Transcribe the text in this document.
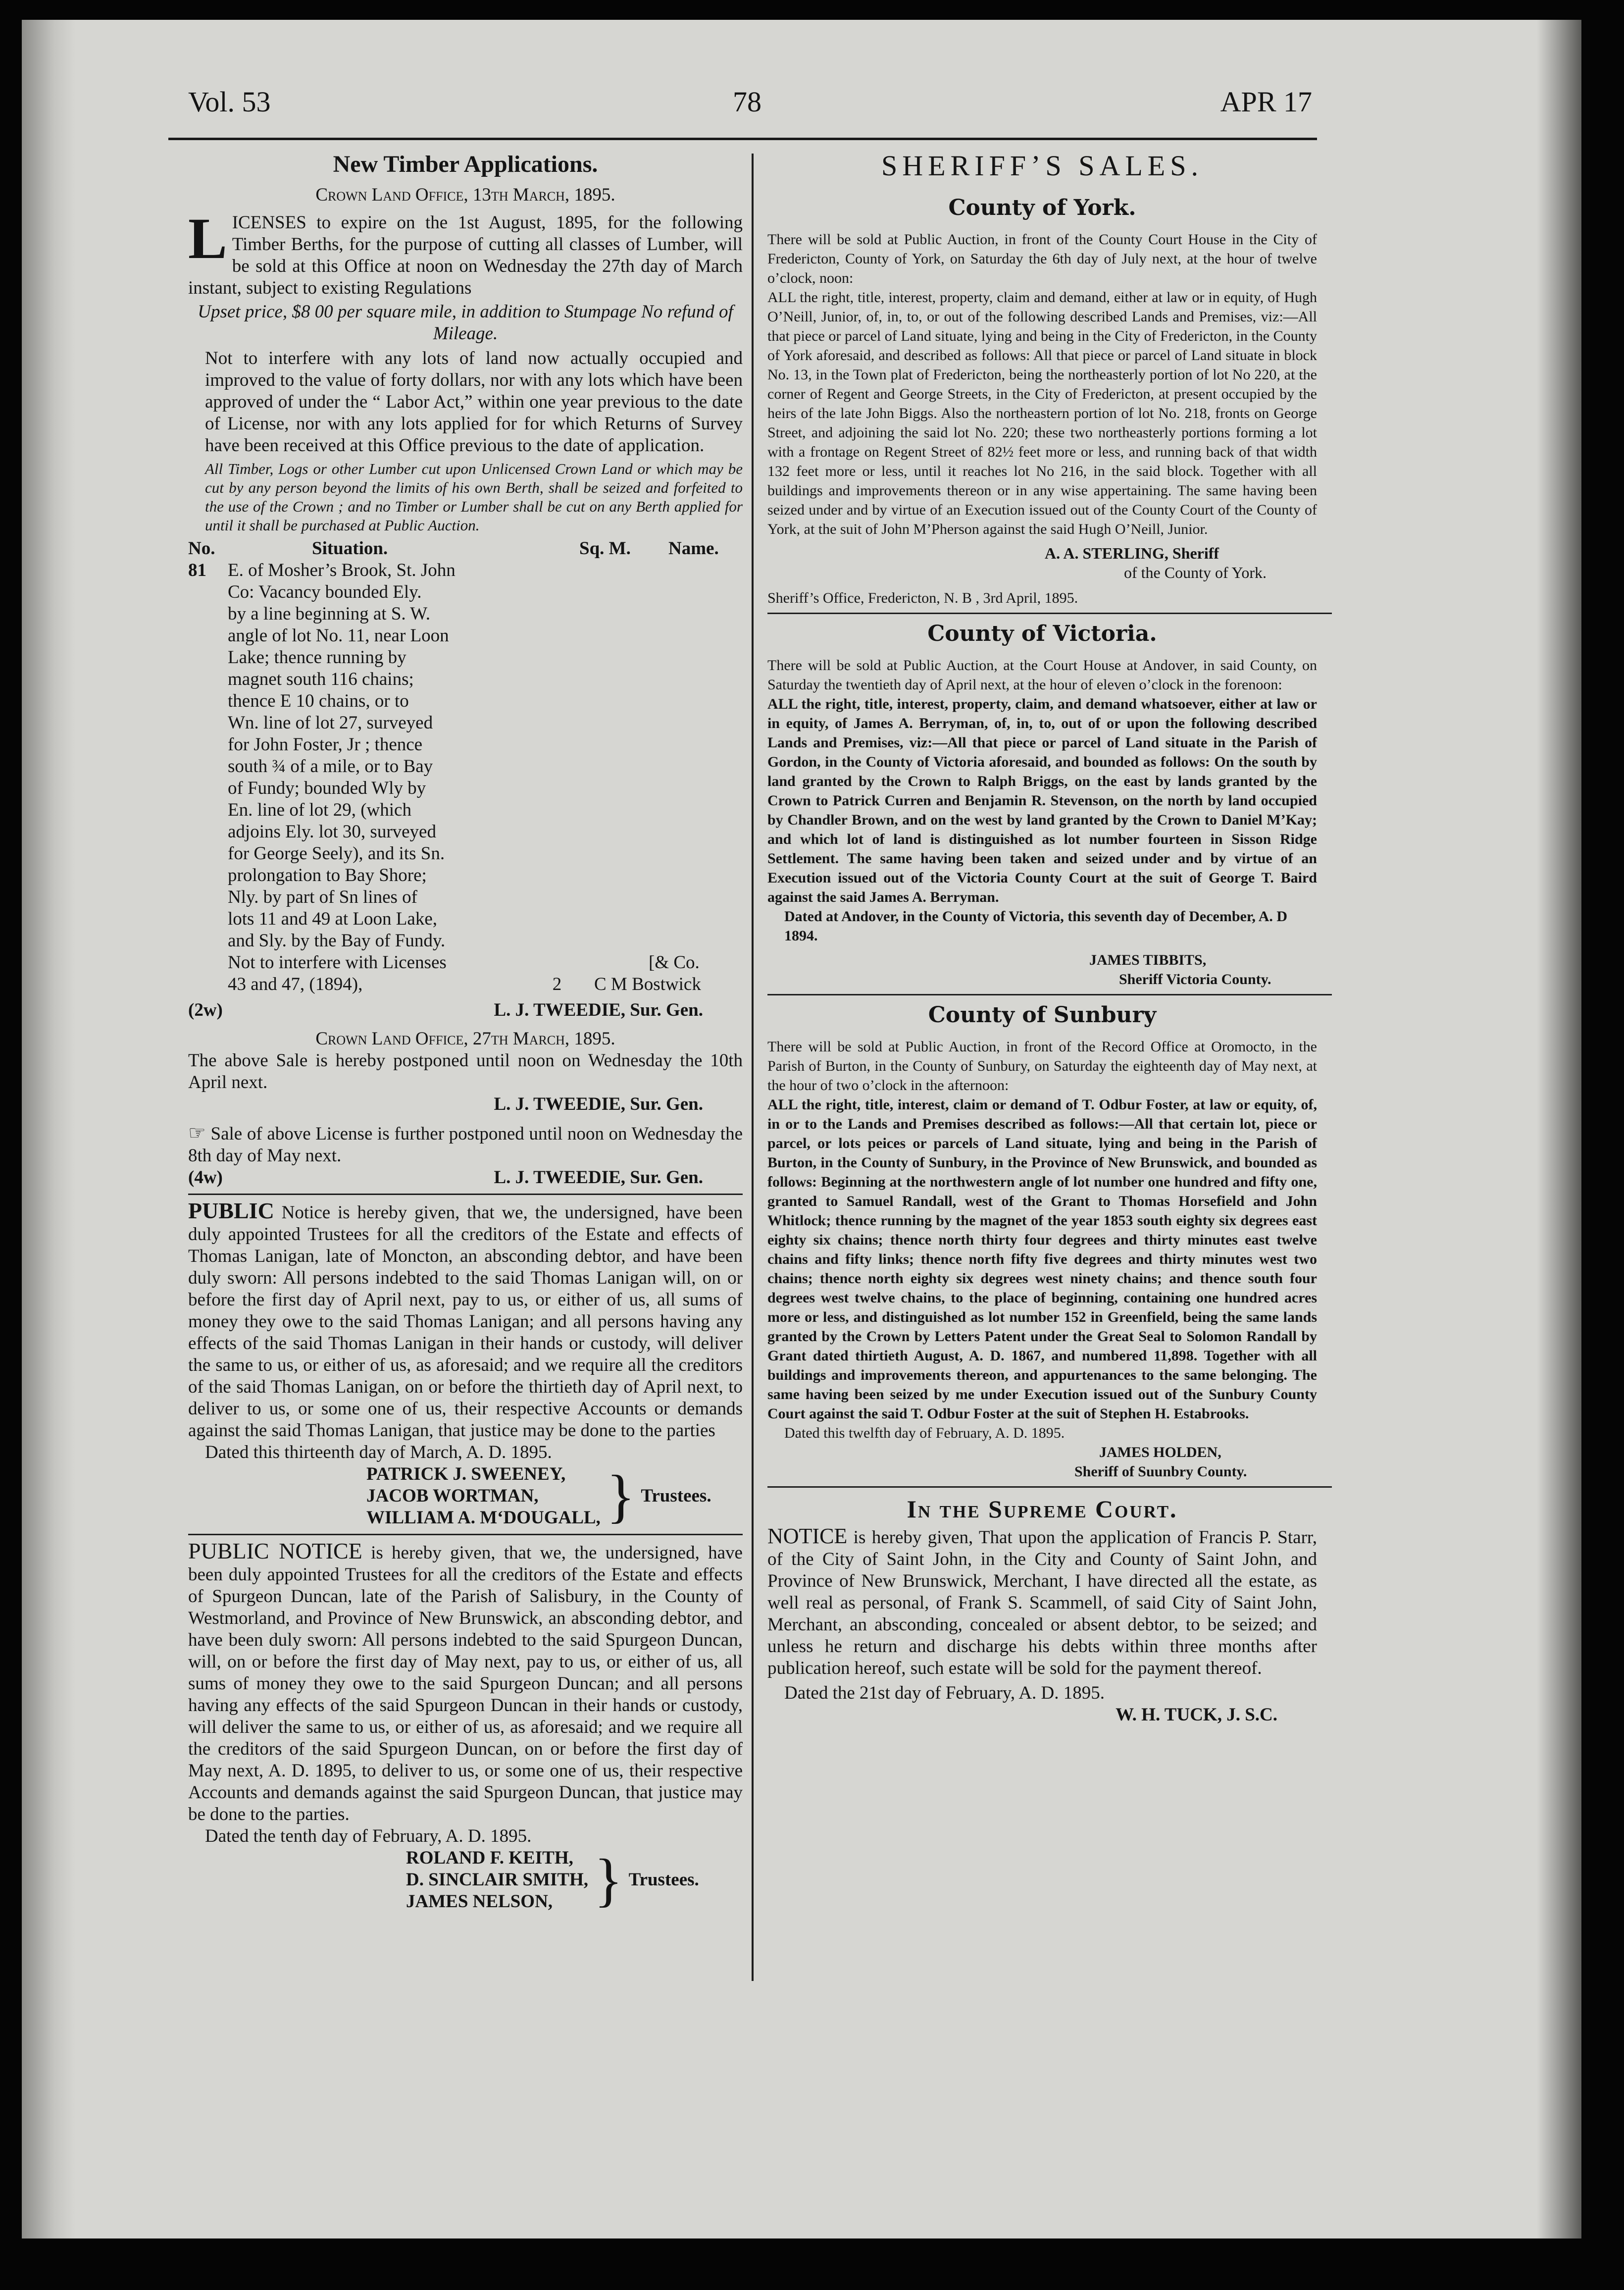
Vol. 53	78	APR 17
New Timber Applications.
Crown Land Office, 13th March, 1895.

LICENSES to expire on the 1st August, 1895, for the following Timber Berths, for the purpose of cutting all classes of Lumber, will be sold at this Office at noon on Wednesday the 27th day of March instant, subject to existing Regulations

Upset price, $8 00 per square mile, in addition to Stumpage No refund of Mileage.

Not to interfere with any lots of land now actually occupied and improved to the value of forty dollars, nor with any lots which have been approved of under the “ Labor Act,” within one year previous to the date of License, nor with any lots applied for for which Returns of Survey have been received at this Office previous to the date of application.

All Timber, Logs or other Lumber cut upon Unlicensed Crown Land or which may be cut by any person beyond the limits of his own Berth, shall be seized and forfeited to the use of the Crown ; and no Timber or Lumber shall be cut on any Berth applied for until it shall be purchased at Public Auction.

No.	Situation.	Sq. M.	Name.
81	E. of Mosher’s Brook, St. John
Co: Vacancy bounded Ely.
by a line beginning at S. W.
angle of lot No. 11, near Loon
Lake; thence running by
magnet south 116 chains;
thence E 10 chains, or to
Wn. line of lot 27, surveyed
for John Foster, Jr ; thence
south ¾ of a mile, or to Bay
of Fundy; bounded Wly by
En. line of lot 29, (which
adjoins Ely. lot 30, surveyed
for George Seely), and its Sn.
prolongation to Bay Shore;
Nly. by part of Sn lines of
lots 11 and 49 at Loon Lake,
and Sly. by the Bay of Fundy.
Not to interfere with Licenses
43 and 47, (1894),
[& Co.
2	C M Bostwick
(2w)	L. J. TWEEDIE, Sur. Gen.
Crown Land Office, 27th March, 1895.

The above Sale is hereby postponed until noon on Wednesday the 10th April next.

L. J. TWEEDIE, Sur. Gen.

☞ Sale of above License is further postponed until noon on Wednesday the 8th day of May next.

(4w)	L. J. TWEEDIE, Sur. Gen.

PUBLIC Notice is hereby given, that we, the undersigned, have been duly appointed Trustees for all the creditors of the Estate and effects of Thomas Lanigan, late of Moncton, an absconding debtor, and have been duly sworn: All persons indebted to the said Thomas Lanigan will, on or before the first day of April next, pay to us, or either of us, all sums of money they owe to the said Thomas Lanigan; and all persons having any effects of the said Thomas Lanigan in their hands or custody, will deliver the same to us, or either of us, as aforesaid; and we require all the creditors of the said Thomas Lanigan, on or before the thirtieth day of April next, to deliver to us, or some one of us, their respective Accounts or demands against the said Thomas Lanigan, that justice may be done to the parties

Dated this thirteenth day of March, A. D. 1895.

PATRICK J. SWEENEY,
JACOB WORTMAN,
WILLIAM A. M‘DOUGALL, } Trustees.

PUBLIC NOTICE is hereby given, that we, the undersigned, have been duly appointed Trustees for all the creditors of the Estate and effects of Spurgeon Duncan, late of the Parish of Salisbury, in the County of Westmorland, and Province of New Brunswick, an absconding debtor, and have been duly sworn: All persons indebted to the said Spurgeon Duncan, will, on or before the first day of May next, pay to us, or either of us, all sums of money they owe to the said Spurgeon Duncan; and all persons having any effects of the said Spurgeon Duncan in their hands or custody, will deliver the same to us, or either of us, as aforesaid; and we require all the creditors of the said Spurgeon Duncan, on or before the first day of May next, A. D. 1895, to deliver to us, or some one of us, their respective Accounts and demands against the said Spurgeon Duncan, that justice may be done to the parties.

Dated the tenth day of February, A. D. 1895.

ROLAND F. KEITH,
D. SINCLAIR SMITH,
JAMES NELSON, } Trustees.
SHERIFF’S SALES.
County of York.

There will be sold at Public Auction, in front of the County Court House in the City of Fredericton, County of York, on Saturday the 6th day of July next, at the hour of twelve o’clock, noon:

ALL the right, title, interest, property, claim and demand, either at law or in equity, of Hugh O’Neill, Junior, of, in, to, or out of the following described Lands and Premises, viz:—All that piece or parcel of Land situate, lying and being in the City of Fredericton, in the County of York aforesaid, and described as follows: All that piece or parcel of Land situate in block No. 13, in the Town plat of Fredericton, being the northeasterly portion of lot No 220, at the corner of Regent and George Streets, in the City of Fredericton, at present occupied by the heirs of the late John Biggs. Also the northeastern portion of lot No. 218, fronts on George Street, and adjoining the said lot No. 220; these two northeasterly portions forming a lot with a frontage on Regent Street of 82½ feet more or less, and running back of that width 132 feet more or less, until it reaches lot No 216, in the said block. Together with all buildings and improvements thereon or in any wise appertaining. The same having been seized under and by virtue of an Execution issued out of the County Court of the County of York, at the suit of John M’Pherson against the said Hugh O’Neill, Junior.

A. A. STERLING, Sheriff
of the County of York.

Sheriff’s Office, Fredericton, N. B , 3rd April, 1895.

County of Victoria.

There will be sold at Public Auction, at the Court House at Andover, in said County, on Saturday the twentieth day of April next, at the hour of eleven o’clock in the forenoon:

ALL the right, title, interest, property, claim, and demand whatsoever, either at law or in equity, of James A. Berryman, of, in, to, out of or upon the following described Lands and Premises, viz:—All that piece or parcel of Land situate in the Parish of Gordon, in the County of Victoria aforesaid, and bounded as follows: On the south by land granted by the Crown to Ralph Briggs, on the east by lands granted by the Crown to Patrick Curren and Benjamin R. Stevenson, on the north by land occupied by Chandler Brown, and on the west by land granted by the Crown to Daniel M’Kay; and which lot of land is distinguished as lot number fourteen in Sisson Ridge Settlement. The same having been taken and seized under and by virtue of an Execution issued out of the Victoria County Court at the suit of George T. Baird against the said James A. Berryman.

Dated at Andover, in the County of Victoria, this seventh day of December, A. D 1894.

JAMES TIBBITS,
Sheriff Victoria County.
County of Sunbury

There will be sold at Public Auction, in front of the Record Office at Oromocto, in the Parish of Burton, in the County of Sunbury, on Saturday the eighteenth day of May next, at the hour of two o’clock in the afternoon:

ALL the right, title, interest, claim or demand of T. Odbur Foster, at law or equity, of, in or to the Lands and Premises described as follows:—All that certain lot, piece or parcel, or lots peices or parcels of Land situate, lying and being in the Parish of Burton, in the County of Sunbury, in the Province of New Brunswick, and bounded as follows: Beginning at the northwestern angle of lot number one hundred and fifty one, granted to Samuel Randall, west of the Grant to Thomas Horsefield and John Whitlock; thence running by the magnet of the year 1853 south eighty six degrees east eighty six chains; thence north thirty four degrees and thirty minutes east twelve chains and fifty links; thence north fifty five degrees and thirty minutes west two chains; thence north eighty six degrees west ninety chains; and thence south four degrees west twelve chains, to the place of beginning, containing one hundred acres more or less, and distinguished as lot number 152 in Greenfield, being the same lands granted by the Crown by Letters Patent under the Great Seal to Solomon Randall by Grant dated thirtieth August, A. D. 1867, and numbered 11,898. Together with all buildings and improvements thereon, and appurtenances to the same belonging. The same having been seized by me under Execution issued out of the Sunbury County Court against the said T. Odbur Foster at the suit of Stephen H. Estabrooks.

Dated this twelfth day of February, A. D. 1895.

JAMES HOLDEN,
Sheriff of Suunbry County.
In the Supreme Court.

NOTICE is hereby given, That upon the application of Francis P. Starr, of the City of Saint John, in the City and County of Saint John, and Province of New Brunswick, Merchant, I have directed all the estate, as well real as personal, of Frank S. Scammell, of said City of Saint John, Merchant, an absconding, concealed or absent debtor, to be seized; and unless he return and discharge his debts within three months after publication hereof, such estate will be sold for the payment thereof.

Dated the 21st day of February, A. D. 1895.

W. H. TUCK, J. S.C.
